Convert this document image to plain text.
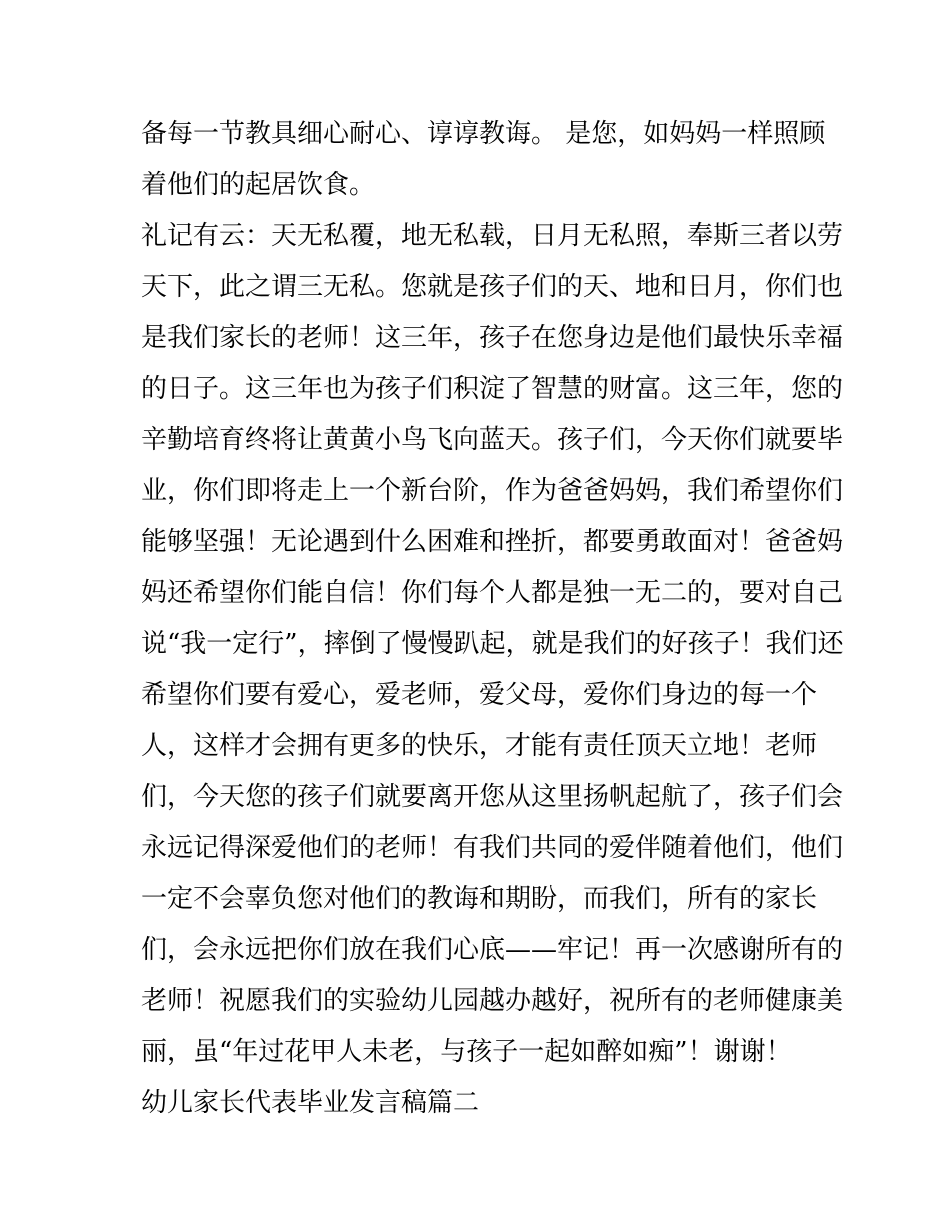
备每一节教具细心耐心、谆谆教诲。 是您，如妈妈一样照顾
着他们的起居饮食。
礼记有云：天无私覆，地无私载，日月无私照，奉斯三者以劳
天下，此之谓三无私。您就是孩子们的天、地和日月，你们也
是我们家长的老师！这三年，孩子在您身边是他们最快乐幸福
的日子。这三年也为孩子们积淀了智慧的财富。这三年，您的
辛勤培育终将让黄黄小鸟飞向蓝天。孩子们，今天你们就要毕
业，你们即将走上一个新台阶，作为爸爸妈妈，我们希望你们
能够坚强！无论遇到什么困难和挫折，都要勇敢面对！爸爸妈
妈还希望你们能自信！你们每个人都是独一无二的，要对自己
说“我一定行”，摔倒了慢慢趴起，就是我们的好孩子！我们还
希望你们要有爱心，爱老师，爱父母，爱你们身边的每一个
人，这样才会拥有更多的快乐，才能有责任顶天立地！老师
们，今天您的孩子们就要离开您从这里扬帆起航了，孩子们会
永远记得深爱他们的老师！有我们共同的爱伴随着他们，他们
一定不会辜负您对他们的教诲和期盼，而我们，所有的家长
们，会永远把你们放在我们心底——牢记！再一次感谢所有的
老师！祝愿我们的实验幼儿园越办越好，祝所有的老师健康美
丽，虽“年过花甲人未老，与孩子一起如醉如痴”！谢谢！
幼儿家长代表毕业发言稿篇二
